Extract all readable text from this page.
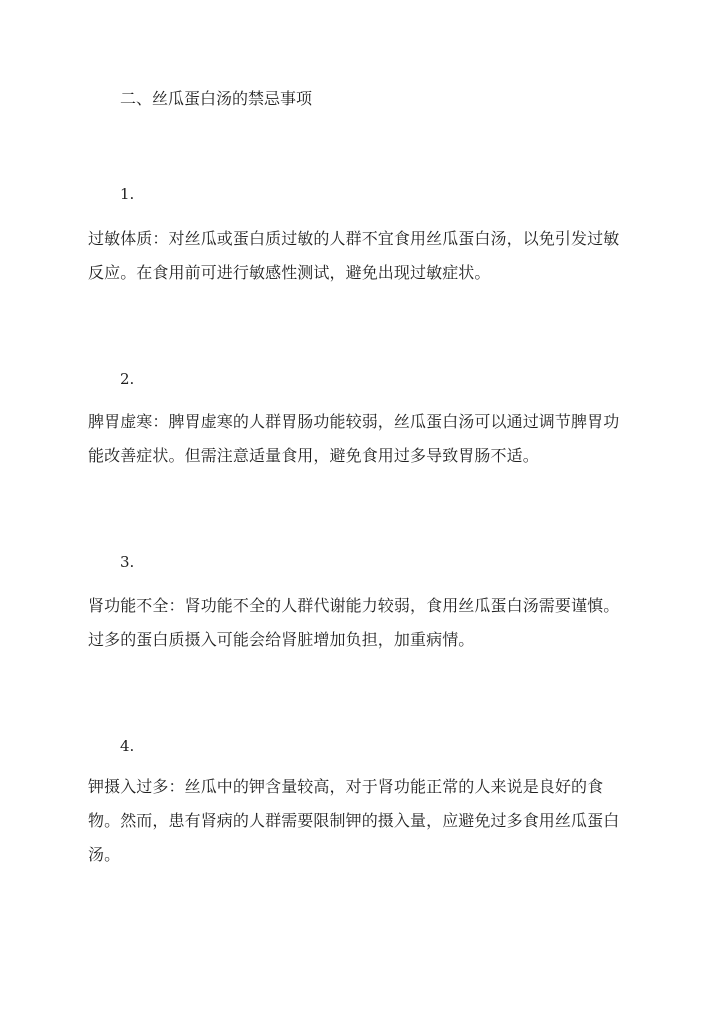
二、丝瓜蛋白汤的禁忌事项
1.

过敏体质：对丝瓜或蛋白质过敏的人群不宜食用丝瓜蛋白汤，以免引发过敏反应。在食用前可进行敏感性测试，避免出现过敏症状。

2.

脾胃虚寒：脾胃虚寒的人群胃肠功能较弱，丝瓜蛋白汤可以通过调节脾胃功能改善症状。但需注意适量食用，避免食用过多导致胃肠不适。

3.

肾功能不全：肾功能不全的人群代谢能力较弱，食用丝瓜蛋白汤需要谨慎。过多的蛋白质摄入可能会给肾脏增加负担，加重病情。

4.

钾摄入过多：丝瓜中的钾含量较高，对于肾功能正常的人来说是良好的食物。然而，患有肾病的人群需要限制钾的摄入量，应避免过多食用丝瓜蛋白汤。
